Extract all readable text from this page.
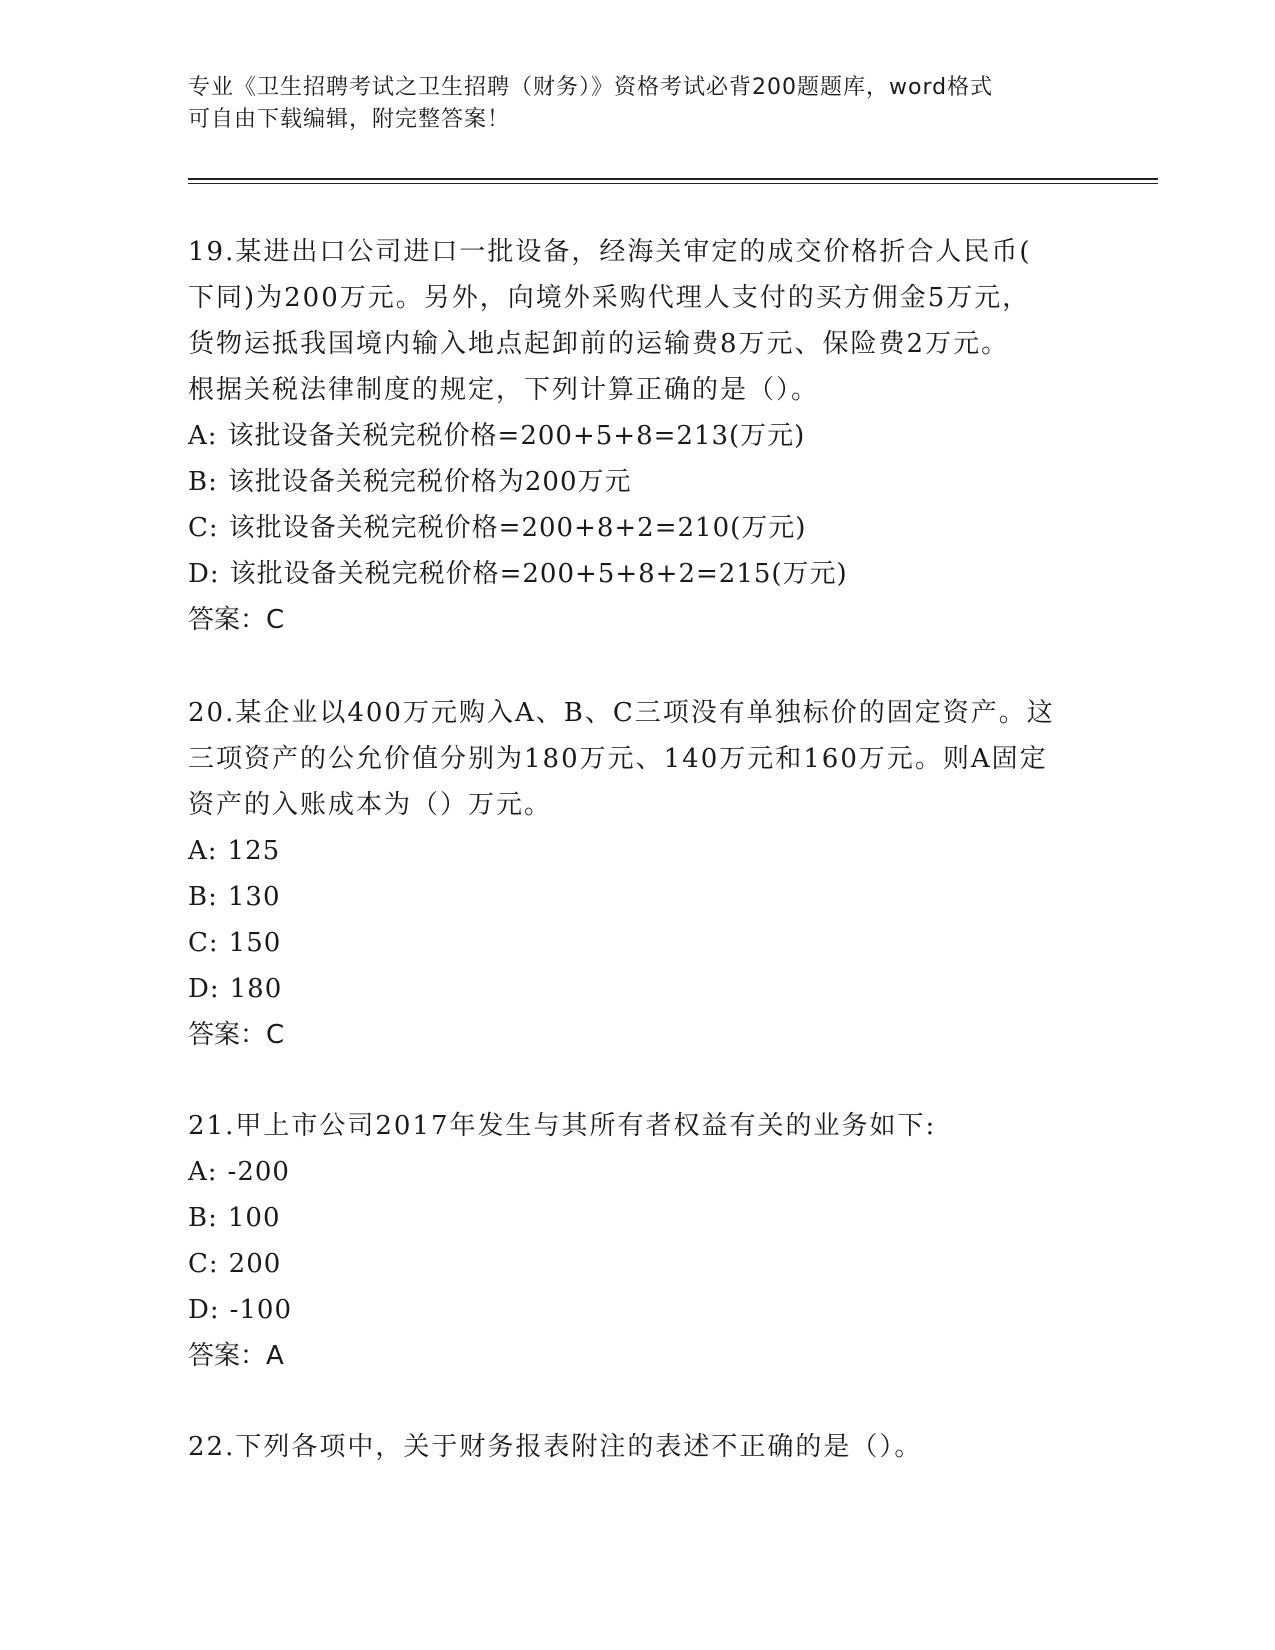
专业《卫生招聘考试之卫生招聘（财务）》资格考试必背200题题库，word格式
可自由下载编辑，附完整答案！
19.某进出口公司进口一批设备，经海关审定的成交价格折合人民币(
下同)为200万元。另外，向境外采购代理人支付的买方佣金5万元，
货物运抵我国境内输入地点起卸前的运输费8万元、保险费2万元。
根据关税法律制度的规定，下列计算正确的是（）。
A: 该批设备关税完税价格=200+5+8=213(万元)
B: 该批设备关税完税价格为200万元
C: 该批设备关税完税价格=200+8+2=210(万元)
D: 该批设备关税完税价格=200+5+8+2=215(万元)
答案：C
20.某企业以400万元购入A、B、C三项没有单独标价的固定资产。这
三项资产的公允价值分别为180万元、140万元和160万元。则A固定
资产的入账成本为（）万元。
A: 125
B: 130
C: 150
D: 180
答案：C
21.甲上市公司2017年发生与其所有者权益有关的业务如下:
A: -200
B: 100
C: 200
D: -100
答案：A
22.下列各项中，关于财务报表附注的表述不正确的是（）。
